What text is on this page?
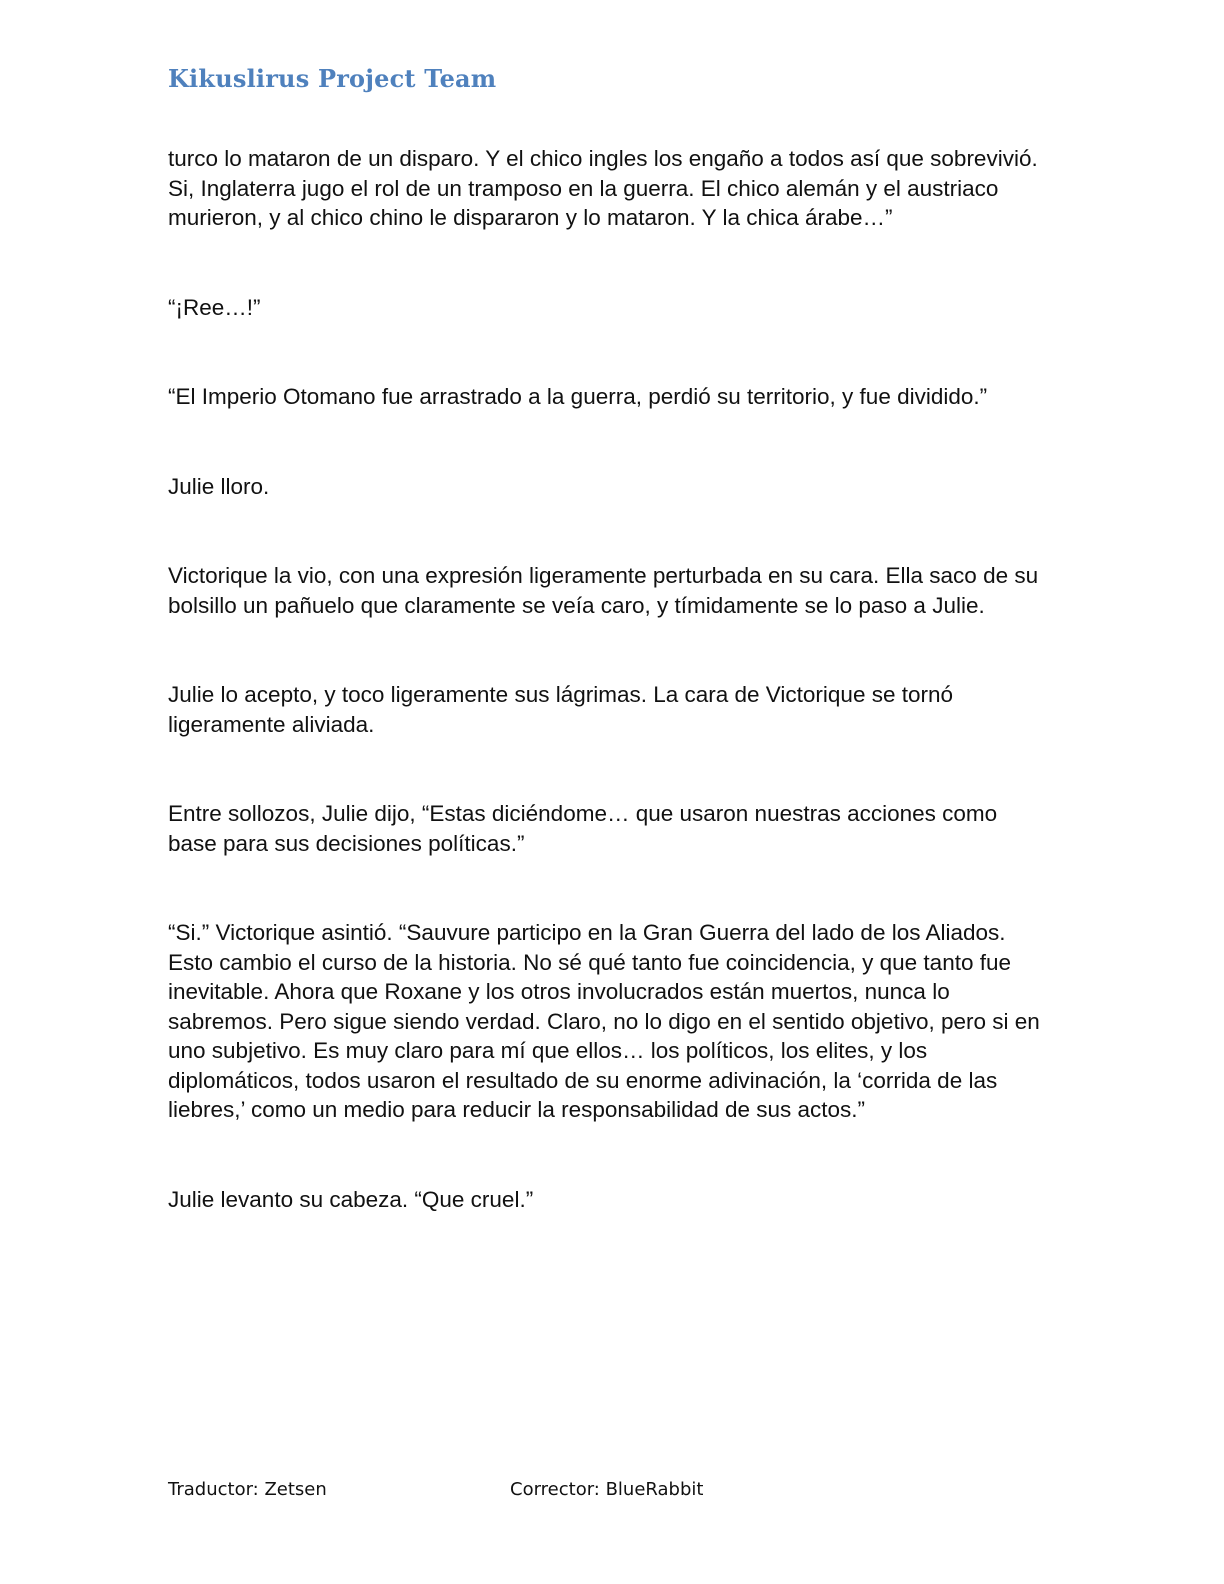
Kikuslirus Project Team

turco lo mataron de un disparo. Y el chico ingles los engaño a todos así que sobrevivió. Si, Inglaterra jugo el rol de un tramposo en la guerra. El chico alemán y el austriaco murieron, y al chico chino le dispararon y lo mataron. Y la chica árabe…”

“¡Ree…!”

“El Imperio Otomano fue arrastrado a la guerra, perdió su territorio, y fue dividido.”

Julie lloro.

Victorique la vio, con una expresión ligeramente perturbada en su cara. Ella saco de su bolsillo un pañuelo que claramente se veía caro, y tímidamente se lo paso a Julie.

Julie lo acepto, y toco ligeramente sus lágrimas. La cara de Victorique se tornó ligeramente aliviada.

Entre sollozos, Julie dijo, “Estas diciéndome… que usaron nuestras acciones como base para sus decisiones políticas.”

“Si.” Victorique asintió. “Sauvure participo en la Gran Guerra del lado de los Aliados. Esto cambio el curso de la historia. No sé qué tanto fue coincidencia, y que tanto fue inevitable. Ahora que Roxane y los otros involucrados están muertos, nunca lo sabremos. Pero sigue siendo verdad. Claro, no lo digo en el sentido objetivo, pero si en uno subjetivo. Es muy claro para mí que ellos… los políticos, los elites, y los diplomáticos, todos usaron el resultado de su enorme adivinación, la ‘corrida de las liebres,’ como un medio para reducir la responsabilidad de sus actos.”

Julie levanto su cabeza. “Que cruel.”

Traductor: Zetsen	Corrector: BlueRabbit
